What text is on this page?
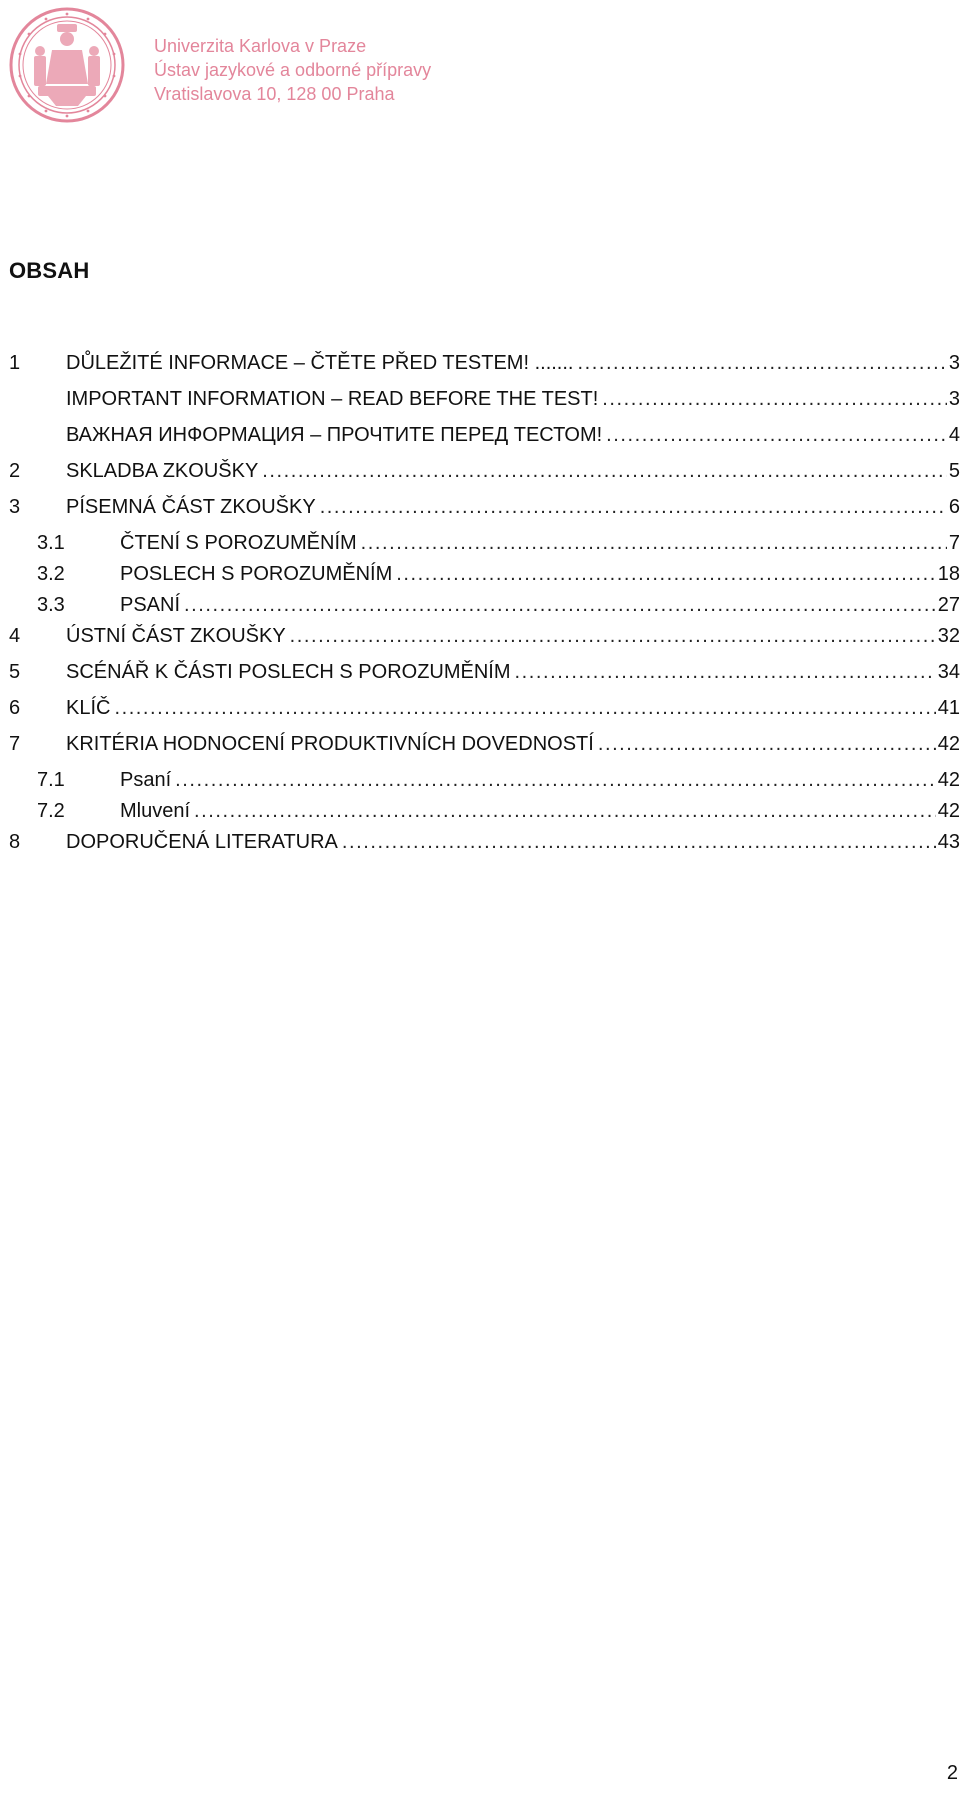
Univerzita Karlova v Praze
Ústav jazykové a odborné přípravy
Vratislavova 10, 128 00 Praha
OBSAH
1 DŮLEŽITÉ INFORMACE – ČTĚTE PŘED TESTEM! ....... . . .	3
IMPORTANT INFORMATION – READ BEFORE THE TEST! . . .	3
ВАЖНАЯ ИНФОРМАЦИЯ – ПРОЧТИТЕ ПЕРЕД ТЕСТОМ! . . .	4
2 SKLADBA ZKOUŠKY . . .	5
3 PÍSEMNÁ ČÁST ZKOUŠKY . . .	6
3.1	ČTENÍ S POROZUMĚNÍM . . .	7
3.2	POSLECH S POROZUMĚNÍM . . .	18
3.3	PSANÍ . . .	27
4 ÚSTNÍ ČÁST ZKOUŠKY . . .	32
5 SCÉNÁŘ K ČÁSTI POSLECH S POROZUMĚNÍM . . .	34
6 KLÍČ . . .	41
7 KRITÉRIA HODNOCENÍ PRODUKTIVNÍCH DOVEDNOSTÍ . . .	42
7.1	Psaní . . .	42
7.2	Mluvení . . .	42
8 DOPORUČENÁ LITERATURA . . .	43
2
